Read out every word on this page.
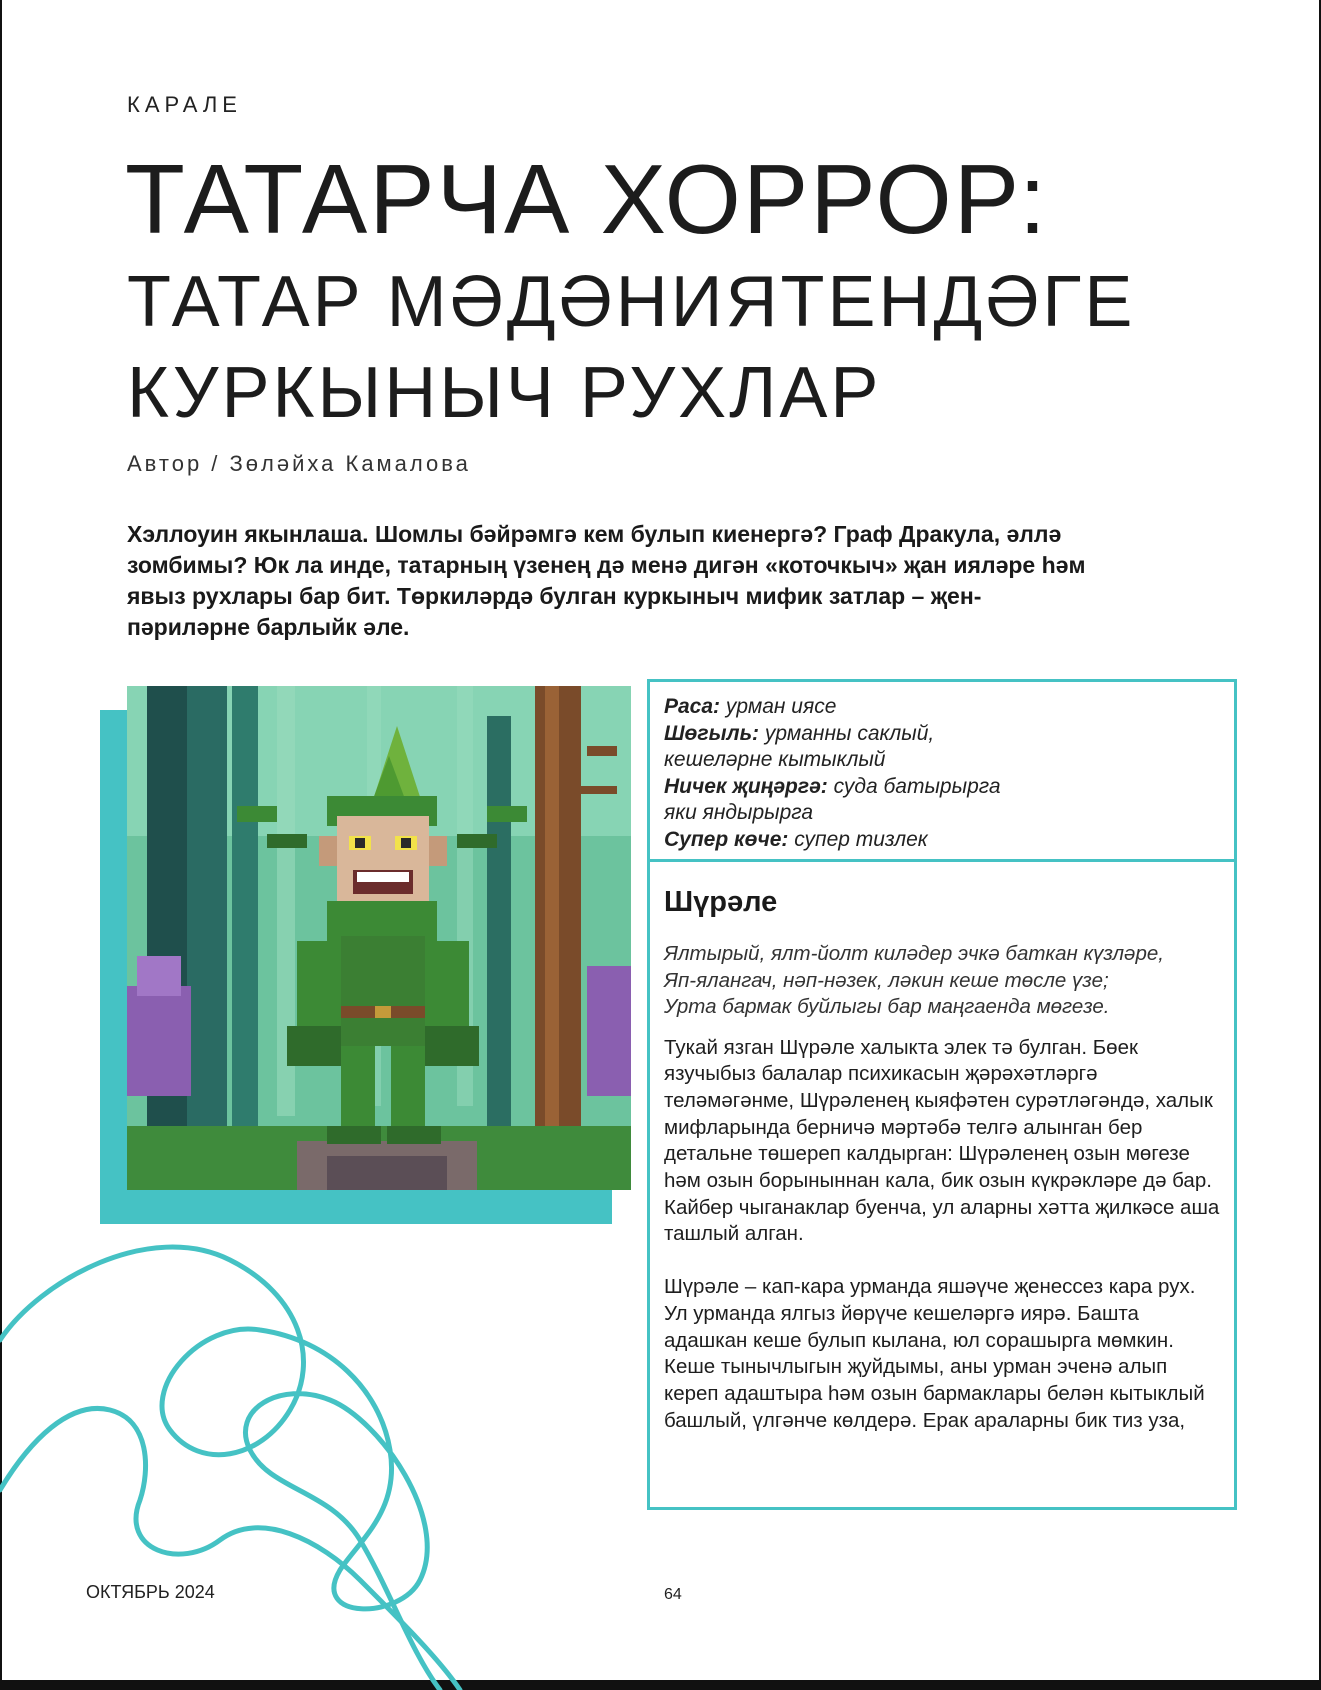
КАРАЛЕ
ТАТАРЧА ХОРРОР:
ТАТАР МӘДӘНИЯТЕНДӘГЕ
КУРКЫНЫЧ РУХЛАР
Автор / Зөләйха Камалова
Хэллоуин якынлаша. Шомлы бәйрәмгә кем булып киенергә? Граф Дракула, әллә зомбимы? Юк ла инде, татарның үзенең дә менә дигән «коточкыч» җан ияләре һәм явыз рухлары бар бит. Төркиләрдә булган куркыныч мифик затлар – җен-пәриләрне барлыйк әле.
Раса: урман иясе
Шөгыль: урманны саклый,
кешеләрне кытыклый
Ничек җиңәргә: суда батырырга
яки яндырырга
Супер көче: супер тизлек
Шүрәле
Ялтырый, ялт-йолт киләдер эчкә баткан күзләре,
Яп-ялангач, нәп-нәзек, ләкин кеше төсле үзе;
Урта бармак буйлыгы бар маңгаенда мөгезе.

Тукай язган Шүрәле халыкта элек тә булган. Бөек язучыбыз балалар психикасын җәрәхәтләргә теләмәгәнме, Шүрәленең кыяфәтен сурәтләгәндә, халык мифларында берничә мәртәбә телгә алынган бер детальне төшереп калдырган: Шүрәленең озын мөгезе һәм озын борыныннан кала, бик озын күкрәкләре дә бар. Кайбер чыганаклар буенча, ул аларны хәтта җилкәсе аша ташлый алган.

Шүрәле – кап-кара урманда яшәүче җенессез кара рух. Ул урманда ялгыз йөрүче кешеләргә иярә. Башта адашкан кеше булып кылана, юл сорашырга мөмкин. Кеше тынычлыгын җуйдымы, аны урман эченә алып кереп адаштыра һәм озын бармаклары белән кытыклый башлый, үлгәнче көлдерә. Ерак араларны бик тиз уза,

ОКТЯБРЬ 2024	64
